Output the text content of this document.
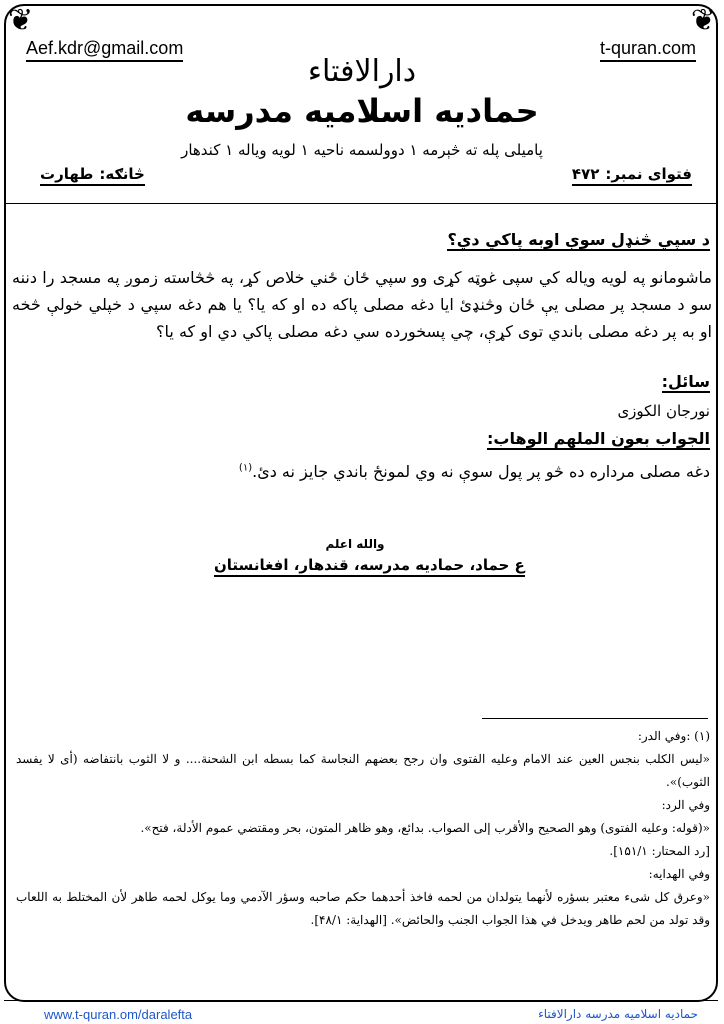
❦	❦
Aef.kdr@gmail.com	t-quran.com
دارالافتاء
حمادیه اسلامیه مدرسه
پامیلی پله ته څېرمه ۱ دوولسمه ناحیه ۱ لویه ویاله ۱ کندهار
فتوای نمبر:۴۷۲
څانګه:طهارت
د سپي څنډل سوې اوبه پاکي دي؟
ماشومانو په لویه ویاله کي سپی غوټه کړی وو سپي ځان ځني خلاص کړ، په څڅاسته زموږ په مسجد را دننه سو د مسجد پر مصلی یې ځان وڅنډئ ایا دغه مصلی پاکه ده او که یا؟ یا هم دغه سپي د خپلي خولې څخه او به پر دغه مصلی باندي توی کړې، چي پسخورده سي دغه مصلی پاکي دي او که یا؟
سائل:
نورجان الکوزی
الجواب بعون الملهم الوهاب:
دغه مصلی مرداره ده څو پر پول سوې نه وي لمونځ باندي جایز نه دئ.$^{(۱)}$
والله اعلم
ع حماد، حمادیه مدرسه، قندهار، افغانستان

(۱) :وفي الدر:

«ليس الكلب بنجس العين عند الامام وعليه الفتوى وان رجح بعضهم النجاسة كما بسطه ابن الشحنة.... و لا الثوب بانتفاضه (أى لا يفسد الثوب)».

وفي الرد:

«(قوله: وعليه الفتوى) وهو الصحيح والأقرب إلى الصواب. بدائع، وهو ظاهر المتون، بحر ومقتضي عموم الأدلة، فتح».

[رد المحتار: ۱۵۱/۱].

وفي الهدايه:

«وعرق كل شىء معتبر بسؤره لأنهما يتولدان من لحمه فاخذ أحدهما حكم صاحبه وسؤر الآدمي وما يوكل لحمه طاهر لأن المختلط به اللعاب وقد تولد من لحم طاهر ويدخل في هذا الجواب الجنب والحائض». [الهداية: ۴۸/۱].

www.t-quran.om/daralefta	حمادیه اسلامیه مدرسه دارالافتاء
